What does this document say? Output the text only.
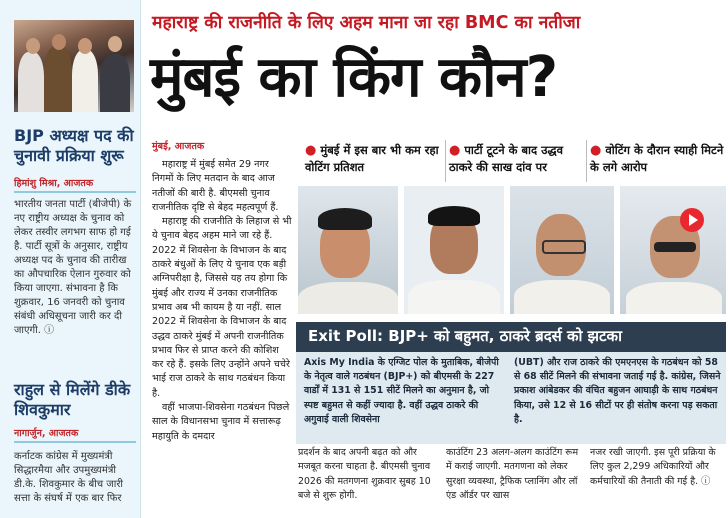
BJP अध्यक्ष पद की चुनावी प्रक्रिया शुरू
हिमांशु मिश्रा, आजतक
भारतीय जनता पार्टी (बीजेपी) के नए राष्ट्रीय अध्यक्ष के चुनाव को लेकर तस्वीर लगभग साफ हो गई है. पार्टी सूत्रों के अनुसार, राष्ट्रीय अध्यक्ष पद के चुनाव की तारीख का औपचारिक ऐलान गुरुवार को किया जाएगा. संभावना है कि शुक्रवार, 16 जनवरी को चुनाव संबंधी अधिसूचना जारी कर दी जाएगी. ⓘ
राहुल से मिलेंगे डीके शिवकुमार
नागार्जुन, आजतक
कर्नाटक कांग्रेस में मुख्यमंत्री सिद्धारमैया और उपमुख्यमंत्री डी.के. शिवकुमार के बीच जारी सत्ता के संघर्ष में एक बार फिर
महाराष्ट्र की राजनीति के लिए अहम माना जा रहा BMC का नतीजा
मुंबई का किंग कौन?
मुंबई, आजतक
महाराष्ट्र में मुंबई समेत 29 नगर निगमों के लिए मतदान के बाद आज नतीजों की बारी है. बीएमसी चुनाव राजनीतिक दृष्टि से बेहद महत्वपूर्ण हैं.
महाराष्ट्र की राजनीति के लिहाज से भी ये चुनाव बेहद अहम माने जा रहे हैं. 2022 में शिवसेना के विभाजन के बाद ठाकरे बंधुओं के लिए ये चुनाव एक बड़ी अग्निपरीक्षा है, जिससे यह तय होगा कि मुंबई और राज्य में उनका राजनीतिक प्रभाव अब भी कायम है या नहीं. साल 2022 में शिवसेना के विभाजन के बाद उद्धव ठाकरे मुंबई में अपनी राजनीतिक प्रभाव फिर से प्राप्त करने की कोशिश कर रहे हैं. इसके लिए उन्होंने अपने चचेरे भाई राज ठाकरे के साथ गठबंधन किया है.
वहीं भाजपा-शिवसेना गठबंधन पिछले साल के विधानसभा चुनाव में सत्तारूढ़ महायुति के दमदार
● मुंबई में इस बार भी कम रहा वोटिंग प्रतिशत
● पार्टी टूटने के बाद उद्धव ठाकरे की साख दांव पर
● वोटिंग के दौरान स्याही मिटने के लगे आरोप
Exit Poll: BJP+ को बहुमत, ठाकरे ब्रदर्स को झटका
Axis My India के एग्जिट पोल के मुताबिक, बीजेपी के नेतृत्व वाले गठबंधन (BJP+) को बीएमसी के 227 वार्डों में 131 से 151 सीटें मिलने का अनुमान है, जो स्पष्ट बहुमत से कहीं ज्यादा है. वहीं उद्धव ठाकरे की अगुवाई वाली शिवसेना
(UBT) और राज ठाकरे की एमएनएस के गठबंधन को 58 से 68 सीटें मिलने की संभावना जताई गई है. कांग्रेस, जिसने प्रकाश आंबेडकर की वंचित बहुजन आघाड़ी के साथ गठबंधन किया, उसे 12 से 16 सीटों पर ही संतोष करना पड़ सकता है.
प्रदर्शन के बाद अपनी बढ़त को और मजबूत करना चाहता है. बीएमसी चुनाव 2026 की मतगणना शुक्रवार सुबह 10 बजे से शुरू होगी.
काउंटिंग 23 अलग-अलग काउंटिंग रूम में कराई जाएगी. मतगणना को लेकर सुरक्षा व्यवस्था, ट्रैफिक प्लानिंग और लॉ एंड ऑर्डर पर खास
नजर रखी जाएगी. इस पूरी प्रक्रिया के लिए कुल 2,299 अधिकारियों और कर्मचारियों की तैनाती की गई है. ⓘ
